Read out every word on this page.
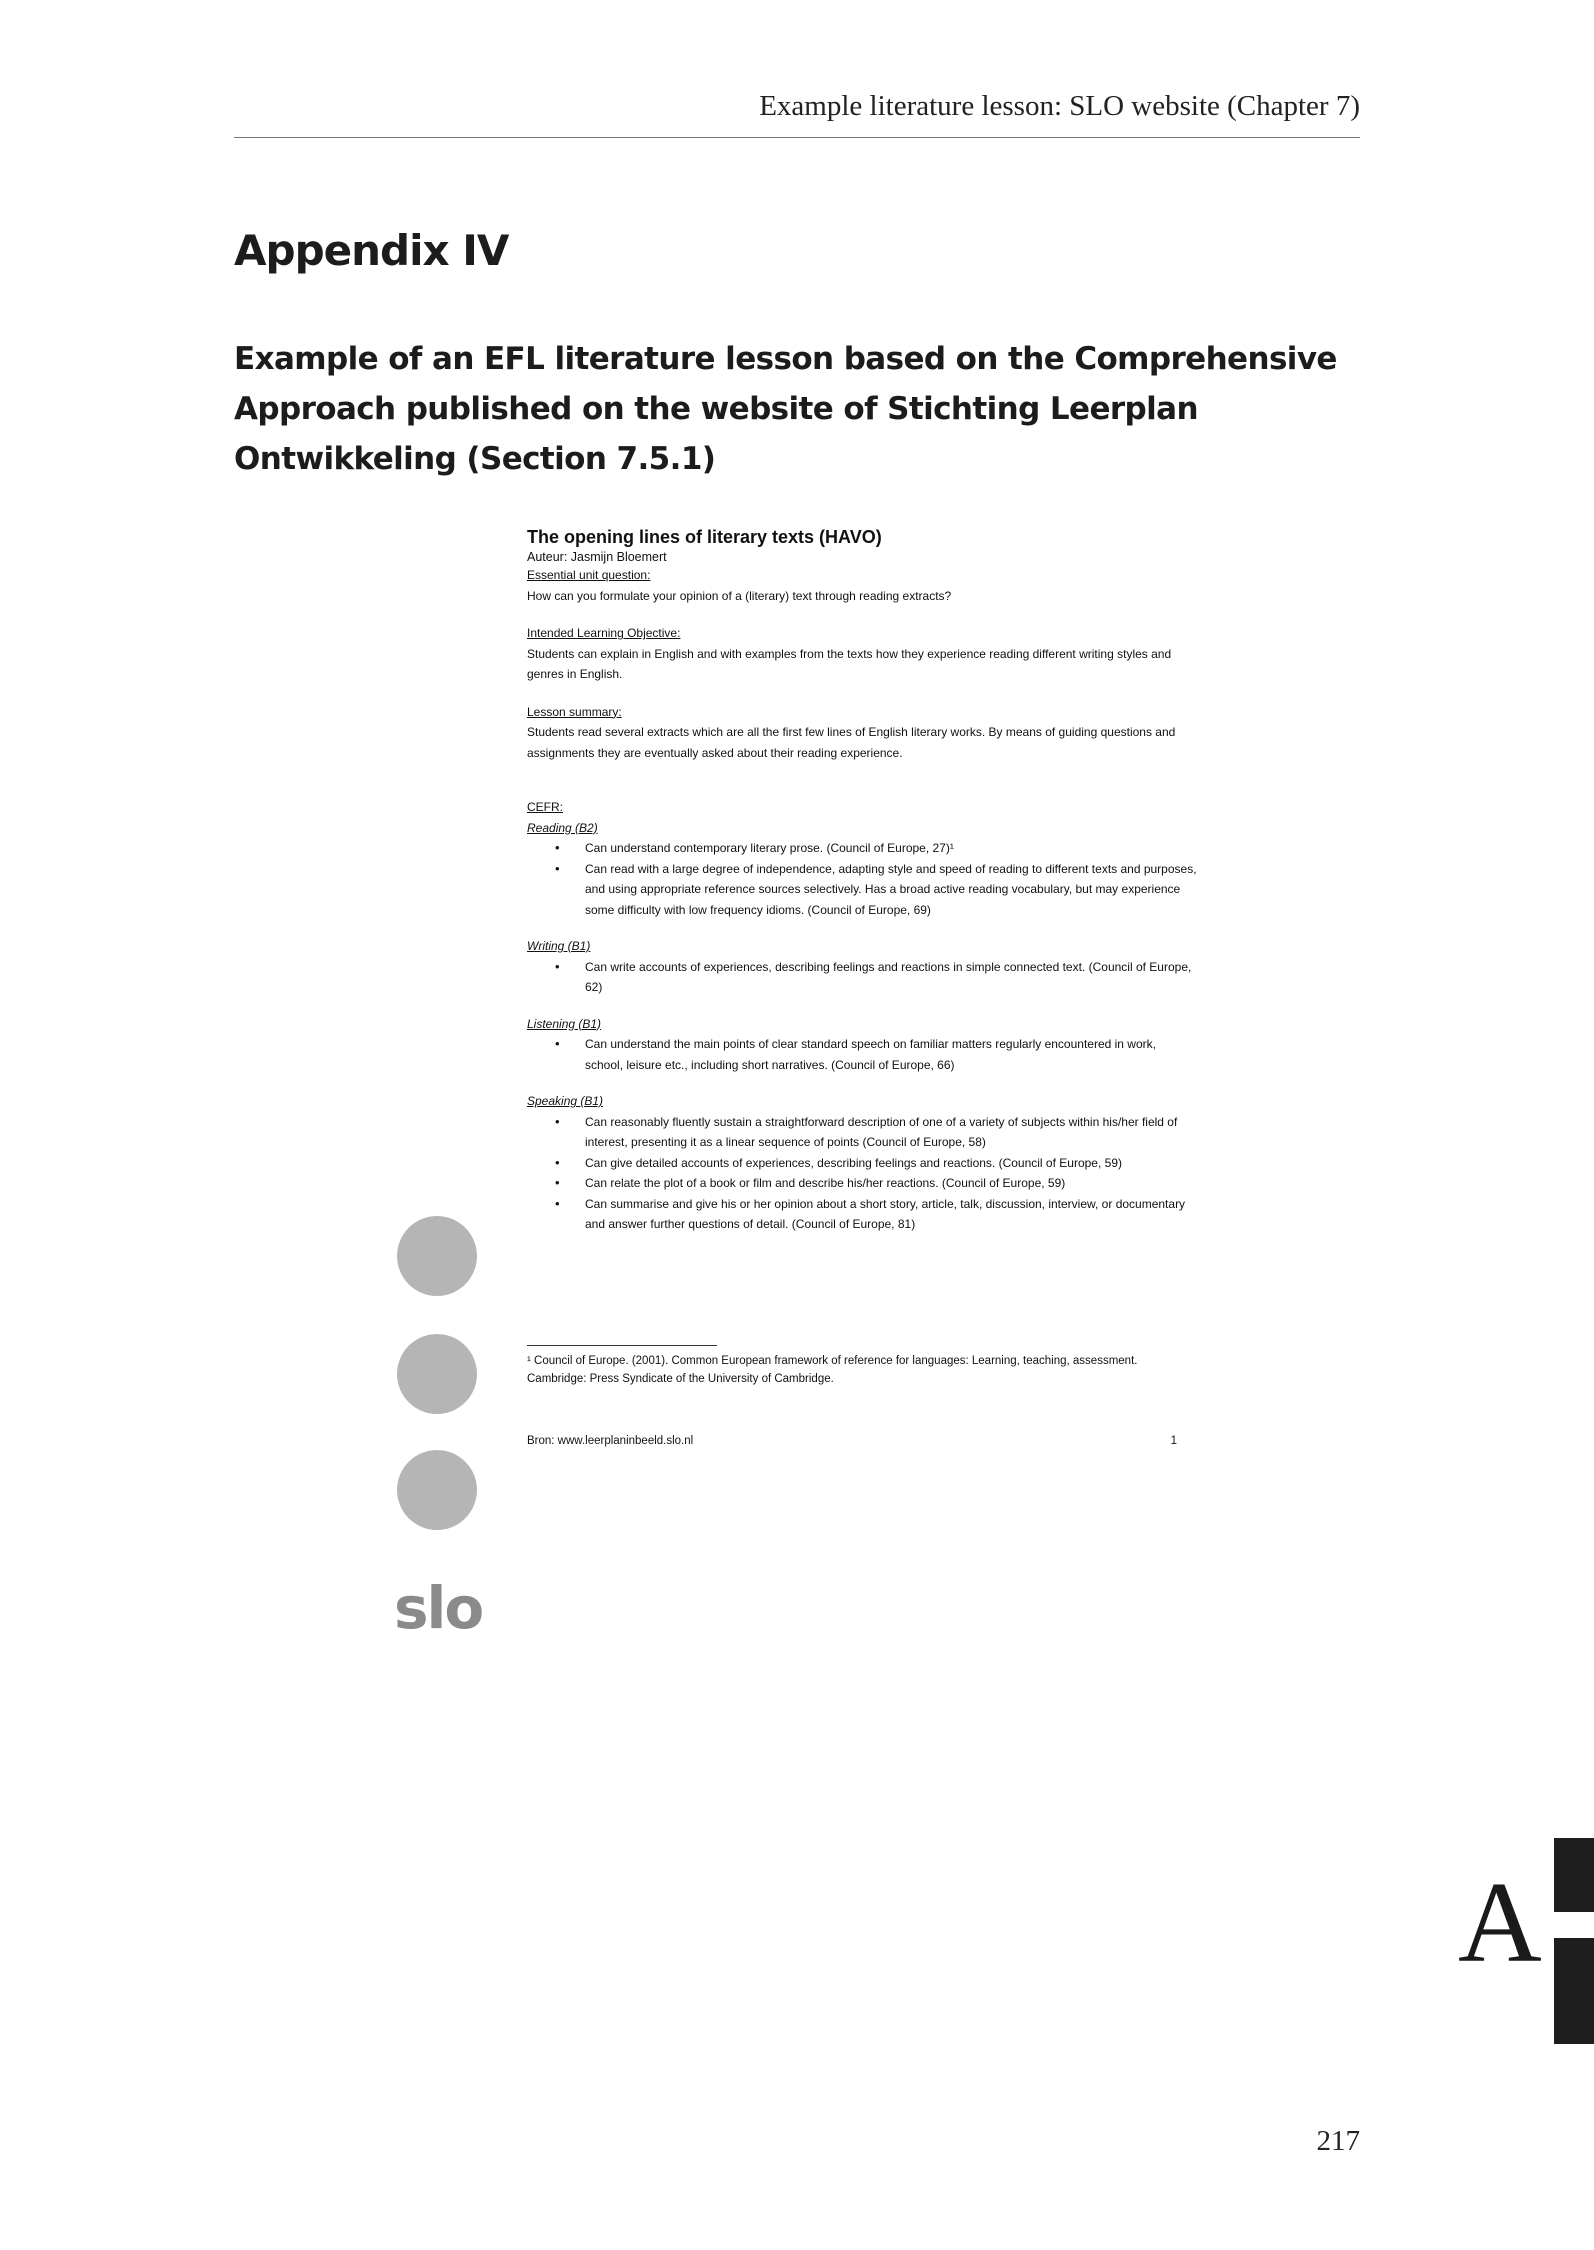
Example literature lesson: SLO website (Chapter 7)
Appendix IV
Example of an EFL literature lesson based on the Comprehensive Approach published on the website of Stichting Leerplan Ontwikkeling (Section 7.5.1)
slo

The opening lines of literary texts (HAVO)

Auteur: Jasmijn Bloemert

Essential unit question:

How can you formulate your opinion of a (literary) text through reading extracts?

Intended Learning Objective:

Students can explain in English and with examples from the texts how they experience reading different writing styles and genres in English.

Lesson summary:

Students read several extracts which are all the first few lines of English literary works. By means of guiding questions and assignments they are eventually asked about their reading experience.

CEFR:
Reading (B2)
• Can understand contemporary literary prose. (Council of Europe, 27)¹
• Can read with a large degree of independence, adapting style and speed of reading to different texts and purposes, and using appropriate reference sources selectively. Has a broad active reading vocabulary, but may experience some difficulty with low frequency idioms. (Council of Europe, 69)
Writing (B1)
• Can write accounts of experiences, describing feelings and reactions in simple connected text. (Council of Europe, 62)
Listening (B1)
• Can understand the main points of clear standard speech on familiar matters regularly encountered in work, school, leisure etc., including short narratives. (Council of Europe, 66)
Speaking (B1)
• Can reasonably fluently sustain a straightforward description of one of a variety of subjects within his/her field of interest, presenting it as a linear sequence of points (Council of Europe, 58)
• Can give detailed accounts of experiences, describing feelings and reactions. (Council of Europe, 59)
• Can relate the plot of a book or film and describe his/her reactions. (Council of Europe, 59)
• Can summarise and give his or her opinion about a short story, article, talk, discussion, interview, or documentary and answer further questions of detail. (Council of Europe, 81)

¹ Council of Europe. (2001). Common European framework of reference for languages: Learning, teaching, assessment. Cambridge: Press Syndicate of the University of Cambridge.

Bron: www.leerplaninbeeld.slo.nl	1
A
217
